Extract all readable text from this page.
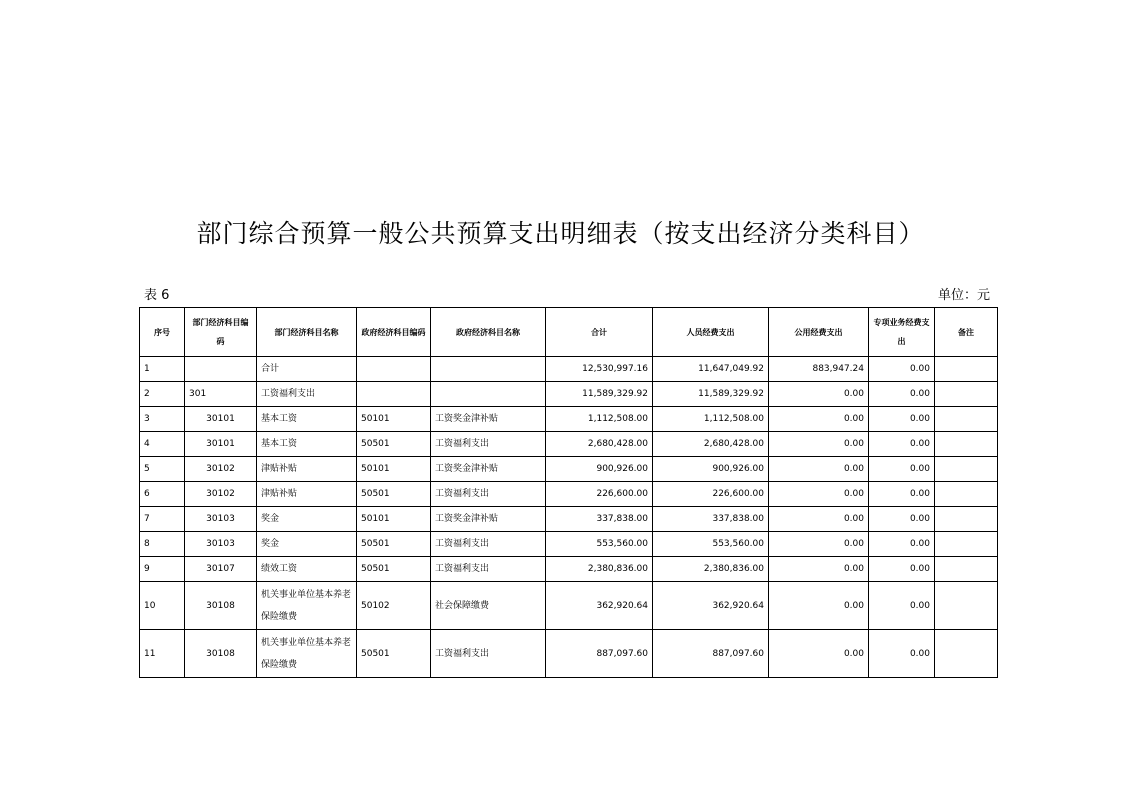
部门综合预算一般公共预算支出明细表（按支出经济分类科目）
表 6	单位：元
序号	部门经济科目编码	部门经济科目名称	政府经济科目编码	政府经济科目名称	合计	人员经费支出	公用经费支出	专项业务经费支出	备注
1		合计			12,530,997.16	11,647,049.92	883,947.24	0.00	
2	301	工资福利支出			11,589,329.92	11,589,329.92	0.00	0.00	
3	30101	基本工资	50101	工资奖金津补贴	1,112,508.00	1,112,508.00	0.00	0.00	
4	30101	基本工资	50501	工资福利支出	2,680,428.00	2,680,428.00	0.00	0.00	
5	30102	津贴补贴	50101	工资奖金津补贴	900,926.00	900,926.00	0.00	0.00	
6	30102	津贴补贴	50501	工资福利支出	226,600.00	226,600.00	0.00	0.00	
7	30103	奖金	50101	工资奖金津补贴	337,838.00	337,838.00	0.00	0.00	
8	30103	奖金	50501	工资福利支出	553,560.00	553,560.00	0.00	0.00	
9	30107	绩效工资	50501	工资福利支出	2,380,836.00	2,380,836.00	0.00	0.00	
10	30108	机关事业单位基本养老保险缴费	50102	社会保障缴费	362,920.64	362,920.64	0.00	0.00	
11	30108	机关事业单位基本养老保险缴费	50501	工资福利支出	887,097.60	887,097.60	0.00	0.00	
